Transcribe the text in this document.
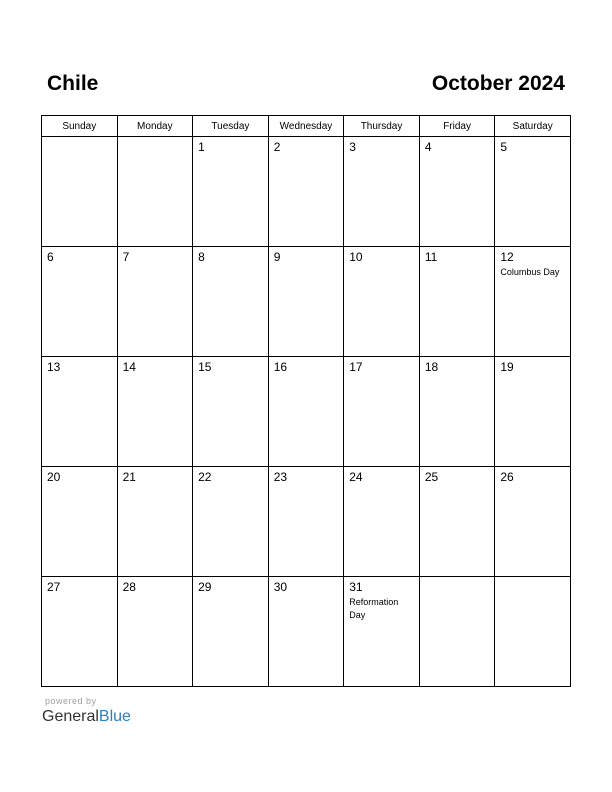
Chile	October 2024
Sunday	Monday	Tuesday	Wednesday	Thursday	Friday	Saturday

		1	2	3	4	5

6	7	8	9	10	11	12
Columbus Day

13	14	15	16	17	18	19

20	21	22	23	24	25	26

27	28	29	30	31
Reformation Day		

powered by
GeneralBlue
